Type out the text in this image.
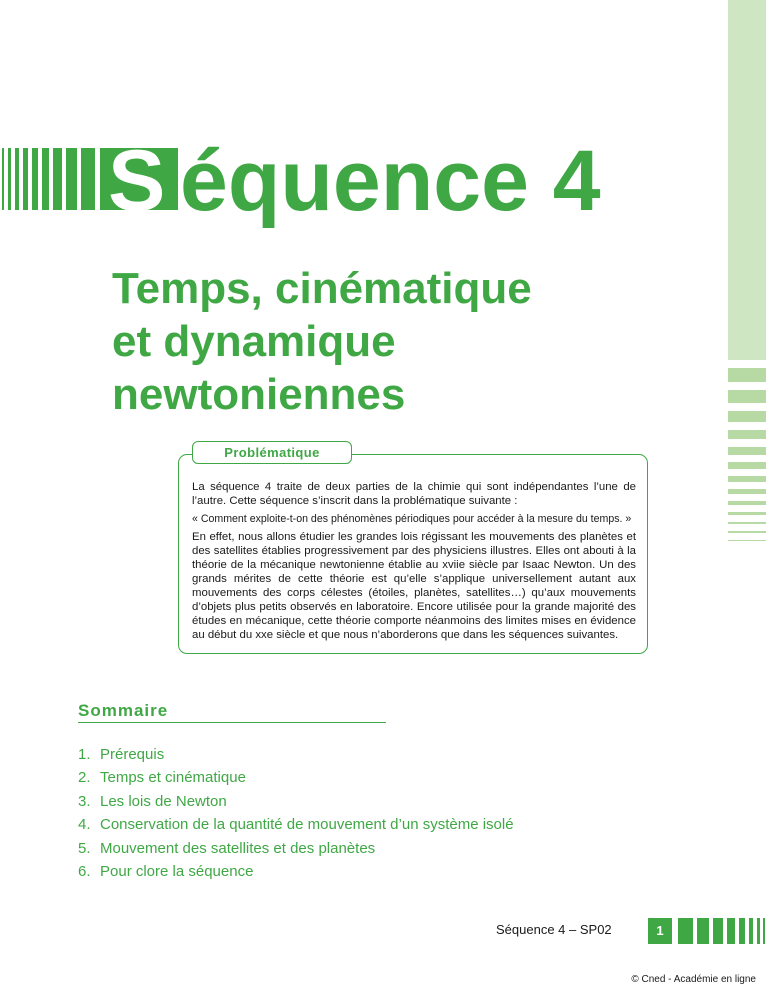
S équence 4
Temps, cinématique
et dynamique
newtoniennes
Problématique

La séquence 4 traite de deux parties de la chimie qui sont indépendantes l’une de l’autre. Cette séquence s’inscrit dans la problématique suivante :

« Comment exploite-t-on des phénomènes périodiques pour accéder à la mesure du temps. »

En effet, nous allons étudier les grandes lois régissant les mouvements des planètes et des satellites établies progressivement par des physiciens illustres. Elles ont abouti à la théorie de la mécanique newtonienne établie au xviie siècle par Isaac Newton. Un des grands mérites de cette théorie est qu’elle s’applique universellement autant aux mouvements des corps célestes (étoiles, planètes, satellites…) qu’aux mouvements d’objets plus petits observés en laboratoire. Encore utilisée pour la grande majorité des études en mécanique, cette théorie comporte néanmoins des limites mises en évidence au début du xxe siècle et que nous n’aborderons que dans les séquences suivantes.

Sommaire
1. Prérequis
2. Temps et cinématique
3. Les lois de Newton
4. Conservation de la quantité de mouvement d’un système isolé
5. Mouvement des satellites et des planètes
6. Pour clore la séquence
Séquence 4 – SP02	1
© Cned - Académie en ligne
